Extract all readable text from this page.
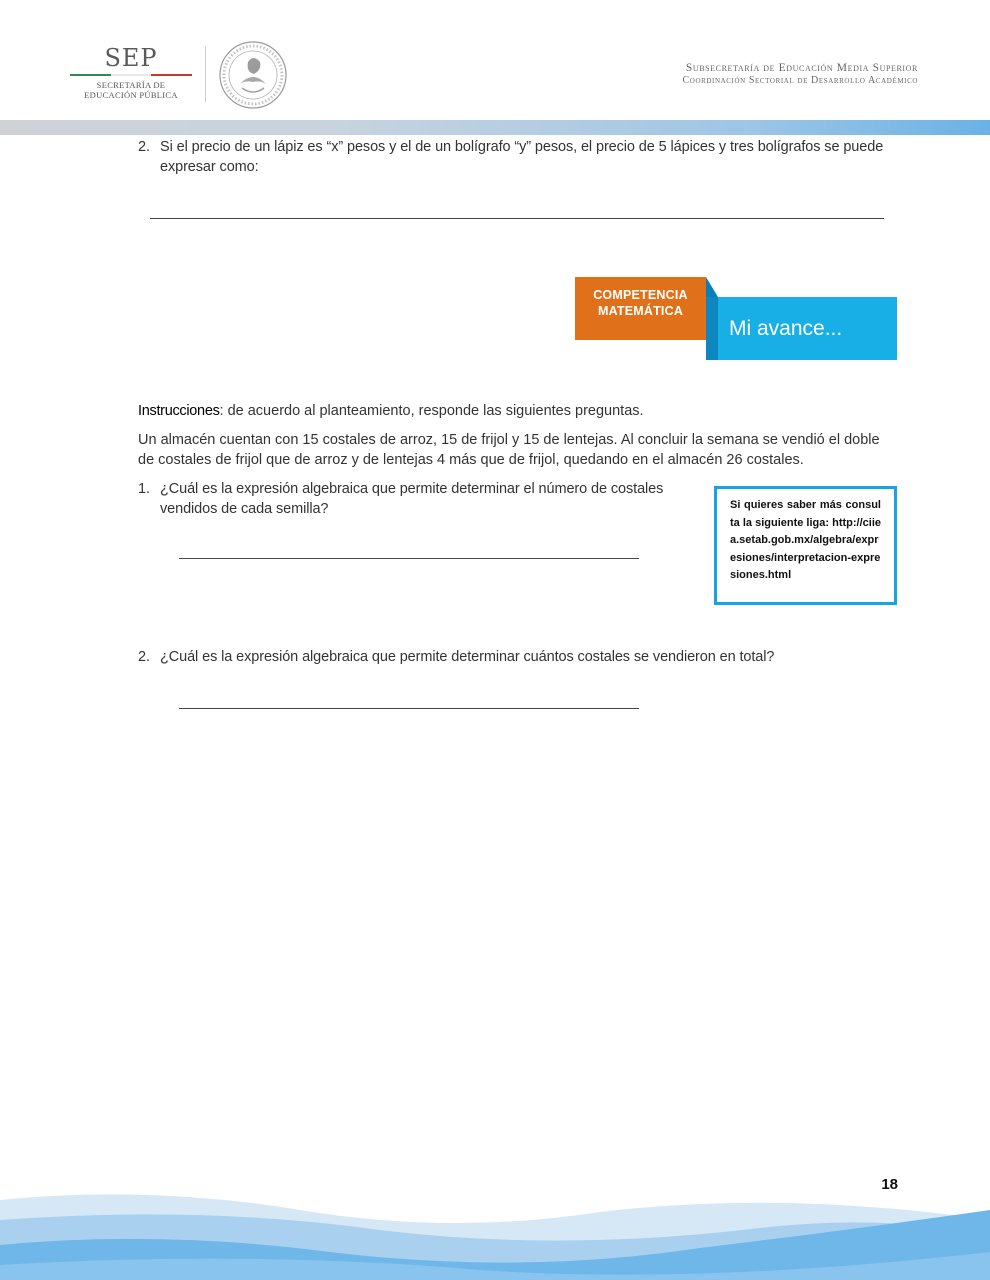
SEP
SECRETARÍA DE
EDUCACIÓN PÚBLICA
Subsecretaría de Educación Media Superior
Coordinación Sectorial de Desarrollo Académico
2. Si el precio de un lápiz es “x” pesos y el de un bolígrafo “y” pesos, el precio de 5 lápices y tres bolígrafos se puede
expresar como:
Mi avance...
COMPETENCIA
MATEMÁTICA
Instrucciones: de acuerdo al planteamiento, responde las siguientes preguntas.
Un almacén cuentan con 15 costales de arroz, 15 de frijol y 15 de lentejas. Al concluir la semana se vendió el doble de costales de frijol que de arroz y de lentejas 4 más que de frijol, quedando en el almacén 26 costales.
1. ¿Cuál es la expresión algebraica que permite determinar el número de costales
vendidos de cada semilla?	Si quieres saber más consulta la siguiente liga: http://ciiea.setab.gob.mx/algebra/expresiones/interpretacion-expresiones.html
2. ¿Cuál es la expresión algebraica que permite determinar cuántos costales se vendieron en total?
18
